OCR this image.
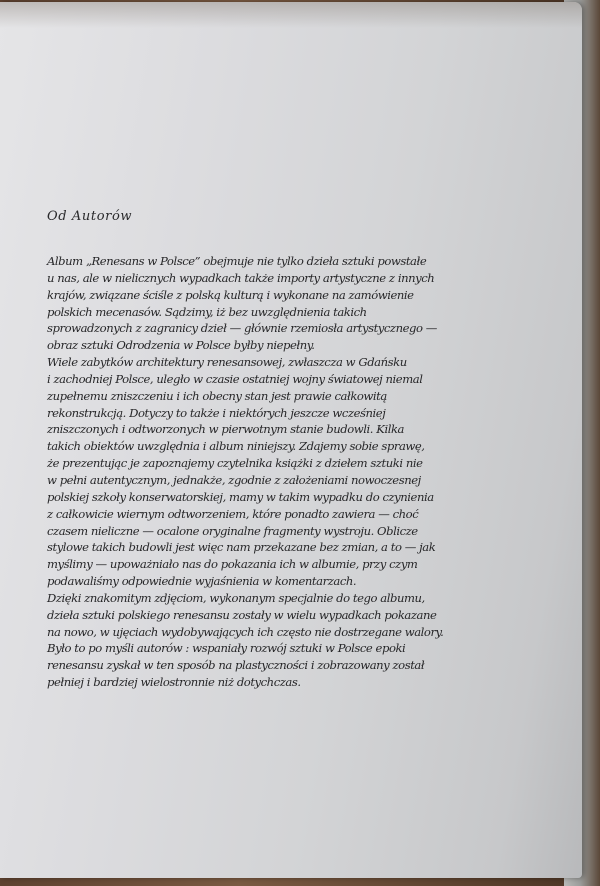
Od Autorów
Album „Renesans w Polsce” obejmuje nie tylko dzieła sztuki powstałe
u nas, ale w nielicznych wypadkach także importy artystyczne z innych
krajów, związane ściśle z polską kulturą i wykonane na zamówienie
polskich mecenasów. Sądzimy, iż bez uwzględnienia takich
sprowadzonych z zagranicy dzieł — głównie rzemiosła artystycznego —
obraz sztuki Odrodzenia w Polsce byłby niepełny.
Wiele zabytków architektury renesansowej, zwłaszcza w Gdańsku
i zachodniej Polsce, uległo w czasie ostatniej wojny światowej niemal
zupełnemu zniszczeniu i ich obecny stan jest prawie całkowitą
rekonstrukcją. Dotyczy to także i niektórych jeszcze wcześniej
zniszczonych i odtworzonych w pierwotnym stanie budowli. Kilka
takich obiektów uwzględnia i album niniejszy. Zdajemy sobie sprawę,
że prezentując je zapoznajemy czytelnika książki z dziełem sztuki nie
w pełni autentycznym, jednakże, zgodnie z założeniami nowoczesnej
polskiej szkoły konserwatorskiej, mamy w takim wypadku do czynienia
z całkowicie wiernym odtworzeniem, które ponadto zawiera — choć
czasem nieliczne — ocalone oryginalne fragmenty wystroju. Oblicze
stylowe takich budowli jest więc nam przekazane bez zmian, a to — jak
myślimy — upoważniało nas do pokazania ich w albumie, przy czym
podawaliśmy odpowiednie wyjaśnienia w komentarzach.
Dzięki znakomitym zdjęciom, wykonanym specjalnie do tego albumu,
dzieła sztuki polskiego renesansu zostały w wielu wypadkach pokazane
na nowo, w ujęciach wydobywających ich często nie dostrzegane walory.
Było to po myśli autorów : wspaniały rozwój sztuki w Polsce epoki
renesansu zyskał w ten sposób na plastyczności i zobrazowany został
pełniej i bardziej wielostronnie niż dotychczas.
